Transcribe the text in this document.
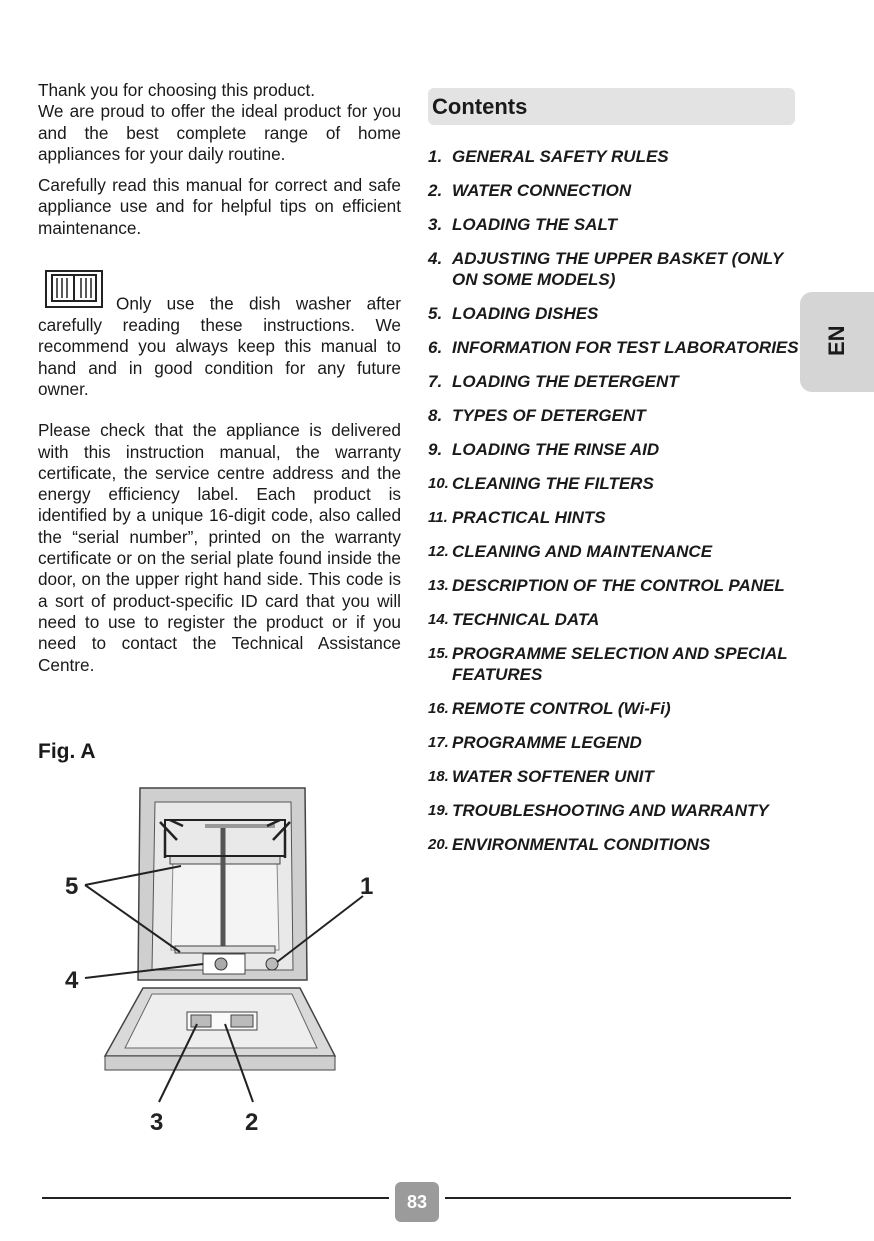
Thank you for choosing this product.
We are proud to offer the ideal product for you and the best complete range of home appliances for your daily routine.

Carefully read this manual for correct and safe appliance use and for helpful tips on efficient maintenance.

Only use the dish washer after carefully reading these instructions. We recommend you always keep this manual to hand and in good condition for any future owner.

Please check that the appliance is delivered with this instruction manual, the warranty certificate, the service centre address and the energy efficiency label. Each product is identified by a unique 16-digit code, also called the “serial number”, printed on the warranty certificate or on the serial plate found inside the door, on the upper right hand side. This code is a sort of product-specific ID card that you will need to use to register the product or if you need to contact the Technical Assistance Centre.

Fig. A
5	1
4
3	2
Contents
1. GENERAL SAFETY RULES
2. WATER CONNECTION
3. LOADING THE SALT
4. ADJUSTING THE UPPER BASKET (ONLY ON SOME MODELS)
5. LOADING DISHES
6. INFORMATION FOR TEST LABORATORIES
7. LOADING THE DETERGENT
8. TYPES OF DETERGENT
9. LOADING THE RINSE AID
10. CLEANING THE FILTERS
11. PRACTICAL HINTS
12. CLEANING AND MAINTENANCE
13. DESCRIPTION OF THE CONTROL PANEL
14. TECHNICAL DATA
15. PROGRAMME SELECTION AND SPECIAL FEATURES
16. REMOTE CONTROL (Wi-Fi)
17. PROGRAMME LEGEND
18. WATER SOFTENER UNIT
19. TROUBLESHOOTING AND WARRANTY
20. ENVIRONMENTAL CONDITIONS
EN
83
